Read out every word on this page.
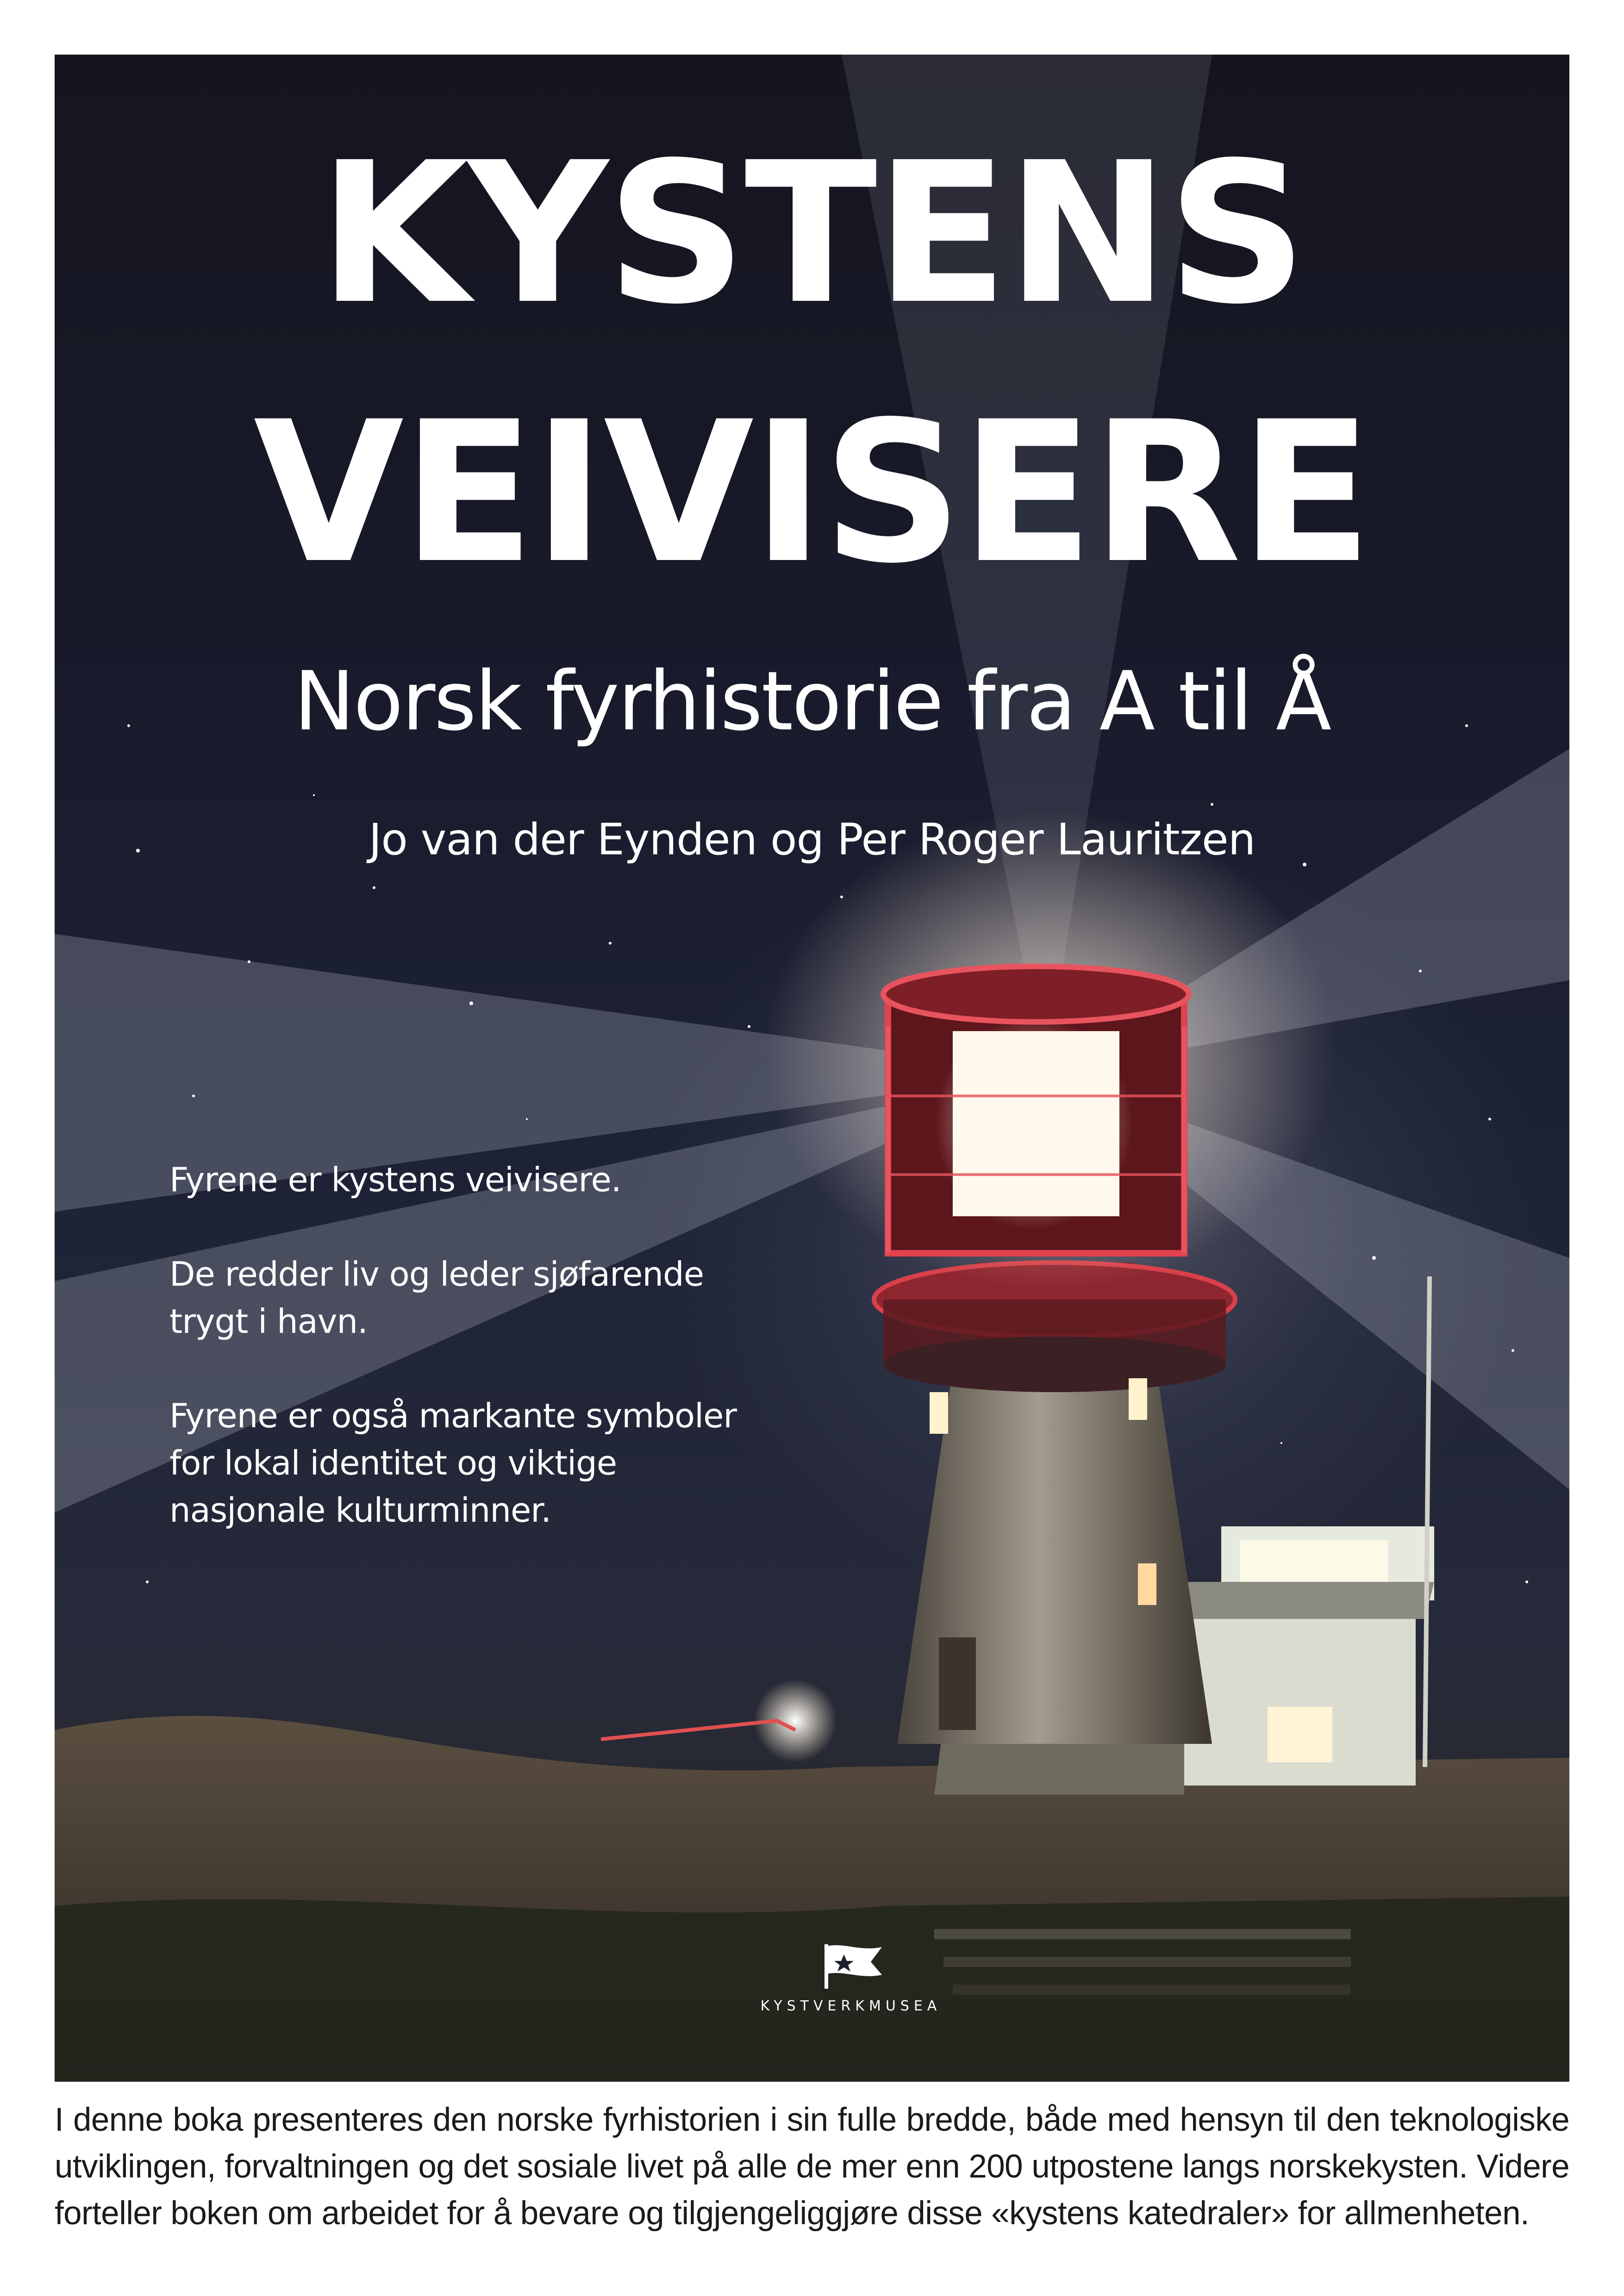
KYSTENS
VEIVISERE
Norsk fyrhistorie fra A til Å
Jo van der Eynden og Per Roger Lauritzen

Fyrene er kystens veivisere.

De redder liv og leder sjøfarende trygt i havn.

Fyrene er også markante symboler for lokal identitet og viktige nasjonale kulturminner.

KYSTVERKMUSEA
I denne boka presenteres den norske fyrhistorien i sin fulle bredde, både med hensyn til den teknologiske utviklingen, forvaltningen og det sosiale livet på alle de mer enn 200 utpostene langs norskekysten. Videre forteller boken om arbeidet for å bevare og tilgjengeliggjøre disse «kystens katedraler» for allmenheten.
